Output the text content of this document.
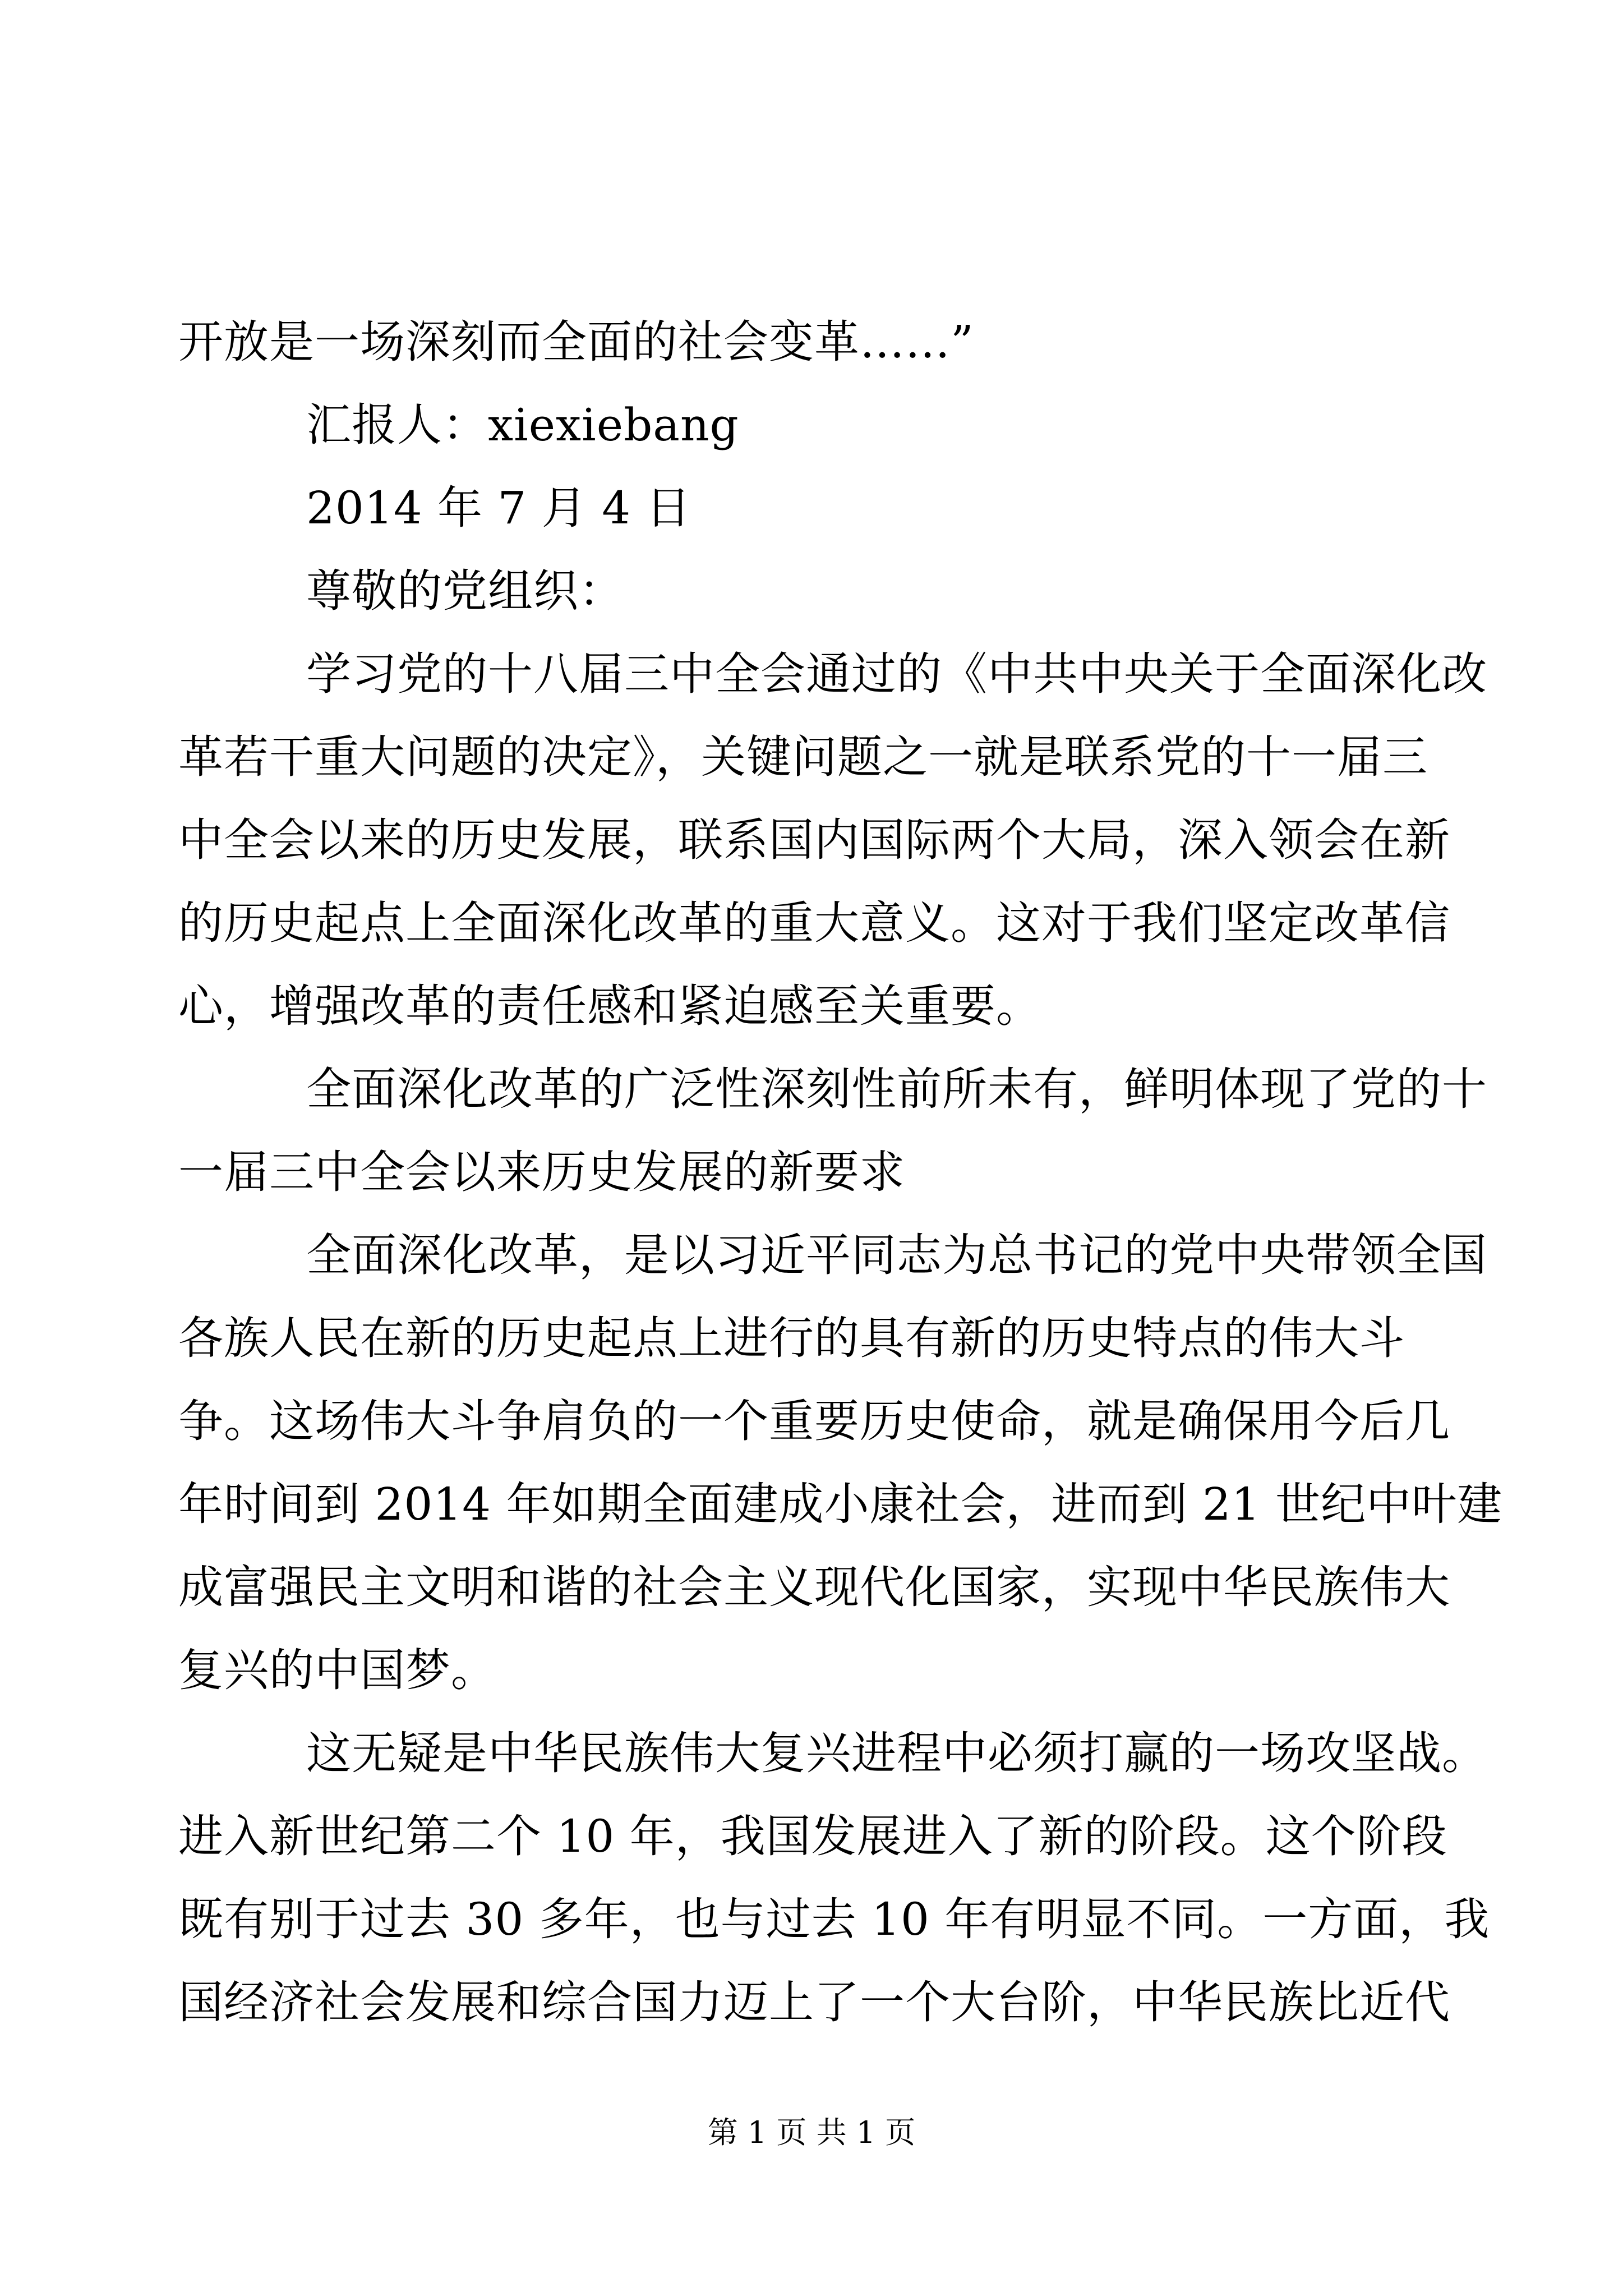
开放是一场深刻而全面的社会变革……”
汇报人：xiexiebang
2014 年 7 月 4 日
尊敬的党组织：
学习党的十八届三中全会通过的《中共中央关于全面深化改
革若干重大问题的决定》，关键问题之一就是联系党的十一届三
中全会以来的历史发展，联系国内国际两个大局，深入领会在新
的历史起点上全面深化改革的重大意义。这对于我们坚定改革信
心，增强改革的责任感和紧迫感至关重要。
全面深化改革的广泛性深刻性前所未有，鲜明体现了党的十
一届三中全会以来历史发展的新要求
全面深化改革，是以习近平同志为总书记的党中央带领全国
各族人民在新的历史起点上进行的具有新的历史特点的伟大斗
争。这场伟大斗争肩负的一个重要历史使命，就是确保用今后几
年时间到 2014 年如期全面建成小康社会，进而到 21 世纪中叶建
成富强民主文明和谐的社会主义现代化国家，实现中华民族伟大
复兴的中国梦。
这无疑是中华民族伟大复兴进程中必须打赢的一场攻坚战。
进入新世纪第二个 10 年，我国发展进入了新的阶段。这个阶段
既有别于过去 30 多年，也与过去 10 年有明显不同。一方面，我
国经济社会发展和综合国力迈上了一个大台阶，中华民族比近代
第 1 页 共 1 页
